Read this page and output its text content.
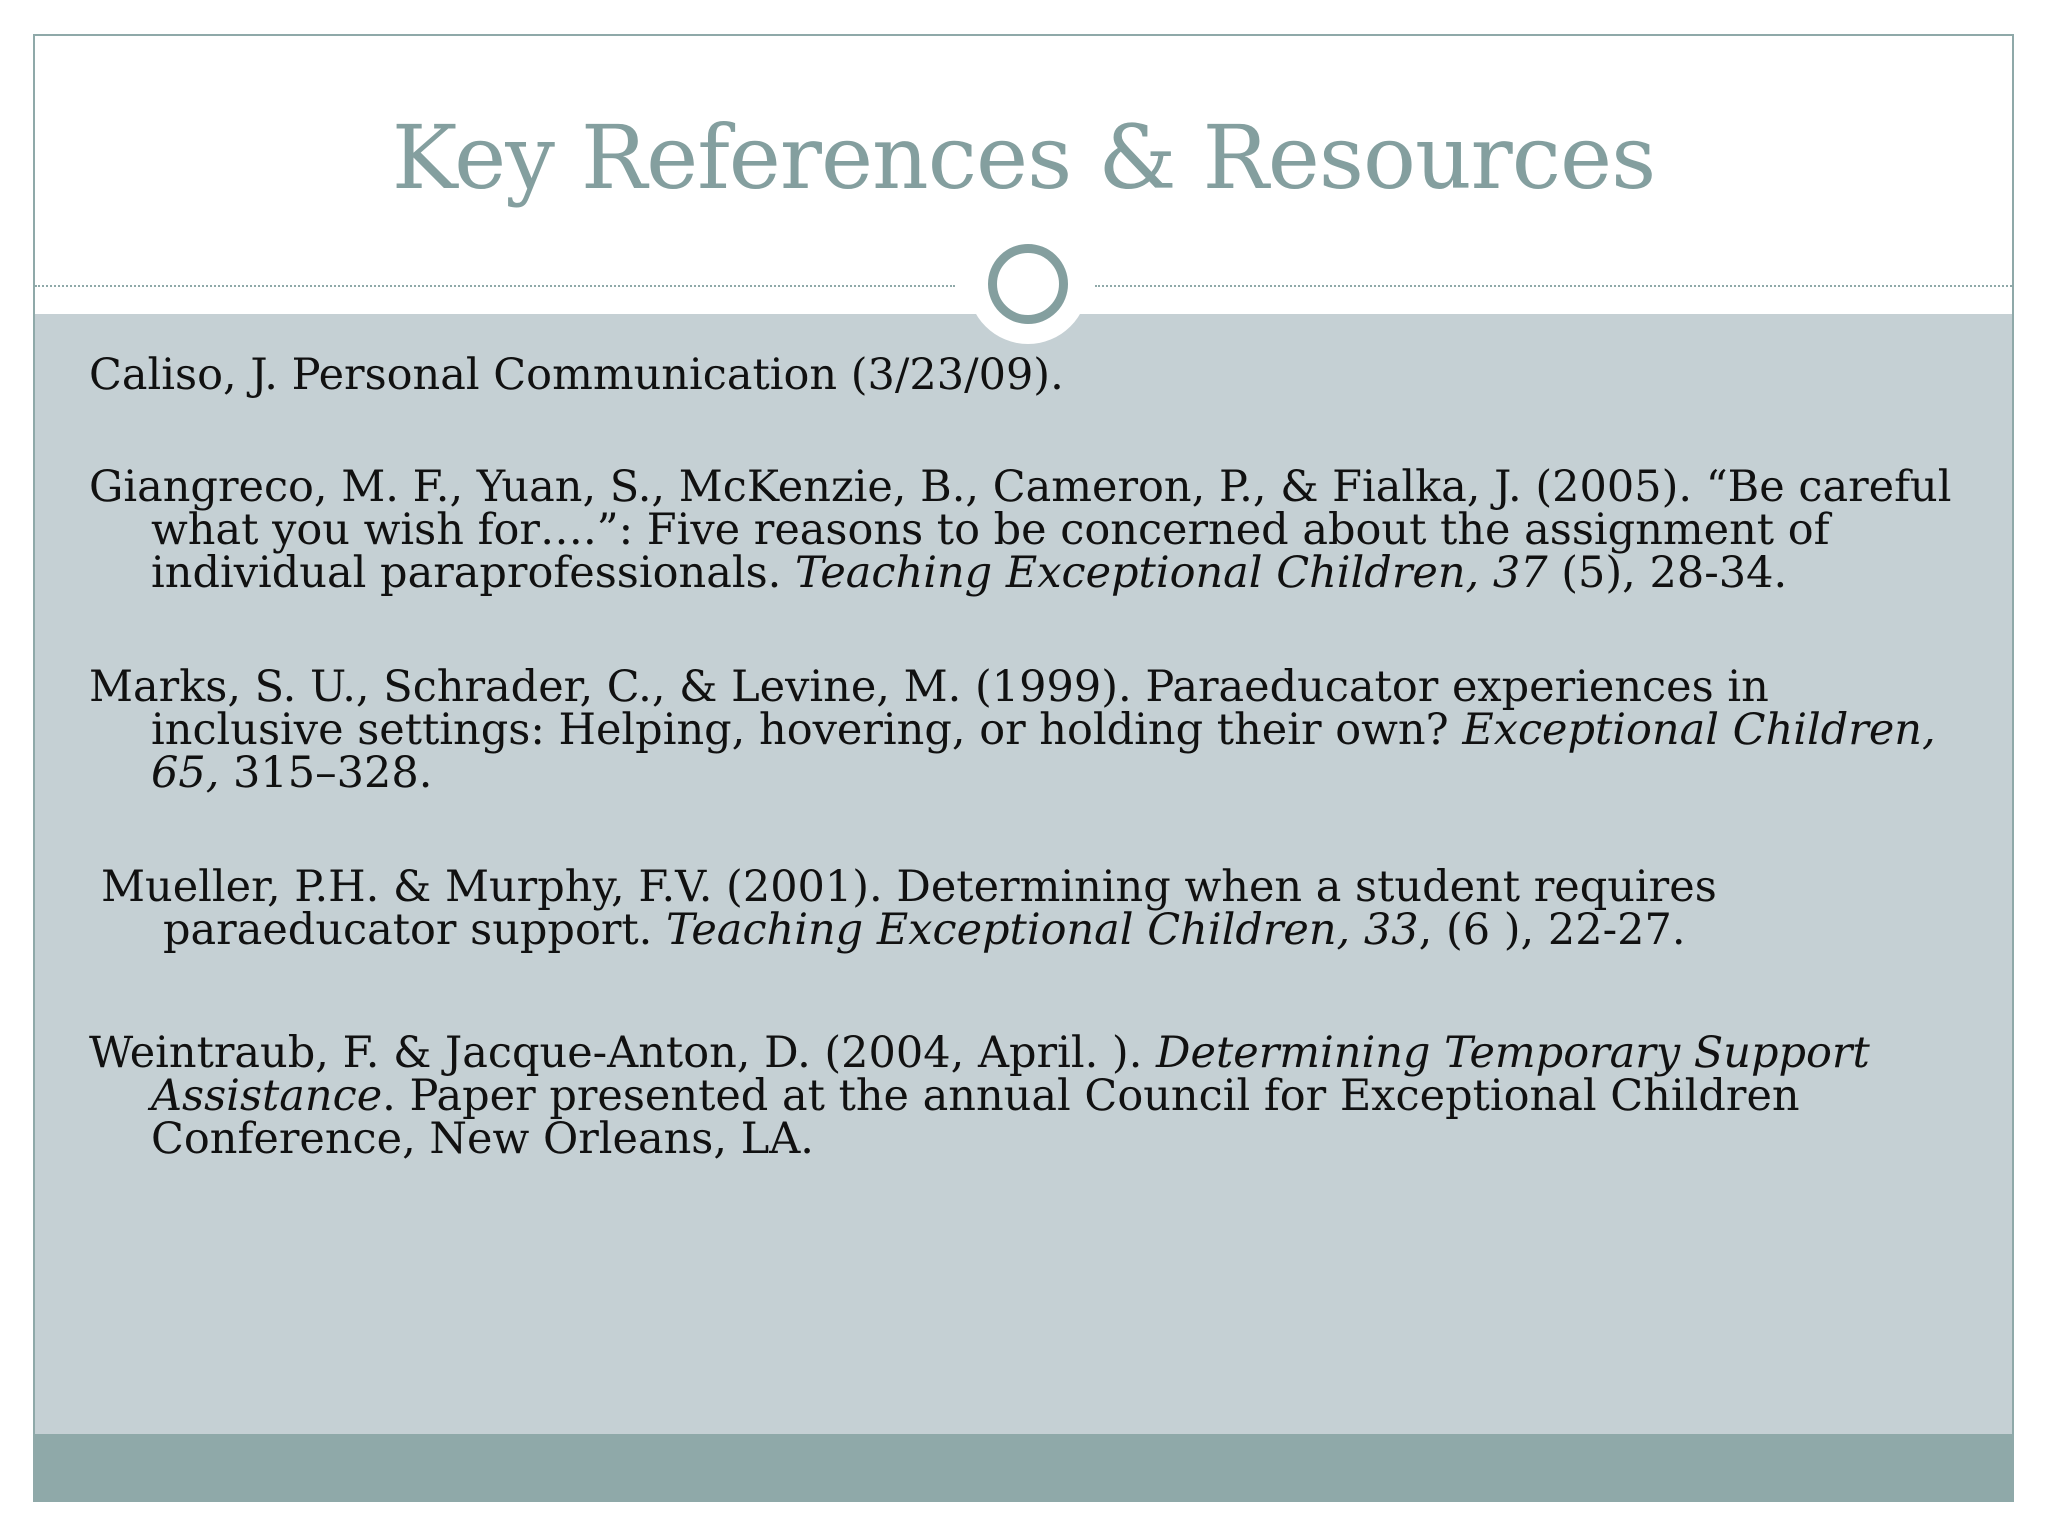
Key References & Resources
Caliso, J. Personal Communication (3/23/09).
Giangreco, M. F., Yuan, S., McKenzie, B., Cameron, P., & Fialka, J. (2005). “Be careful what you wish for….”: Five reasons to be concerned about the assignment of individual paraprofessionals. Teaching Exceptional Children, 37 (5), 28-34.
Marks, S. U., Schrader, C., & Levine, M. (1999). Paraeducator experiences in inclusive settings: Helping, hovering, or holding their own? Exceptional Children, 65, 315–328.
Mueller, P.H. & Murphy, F.V. (2001). Determining when a student requires paraeducator support. Teaching Exceptional Children, 33, (6 ), 22-27.
Weintraub, F. & Jacque-Anton, D. (2004, April. ). Determining Temporary Support Assistance. Paper presented at the annual Council for Exceptional Children Conference, New Orleans, LA.
